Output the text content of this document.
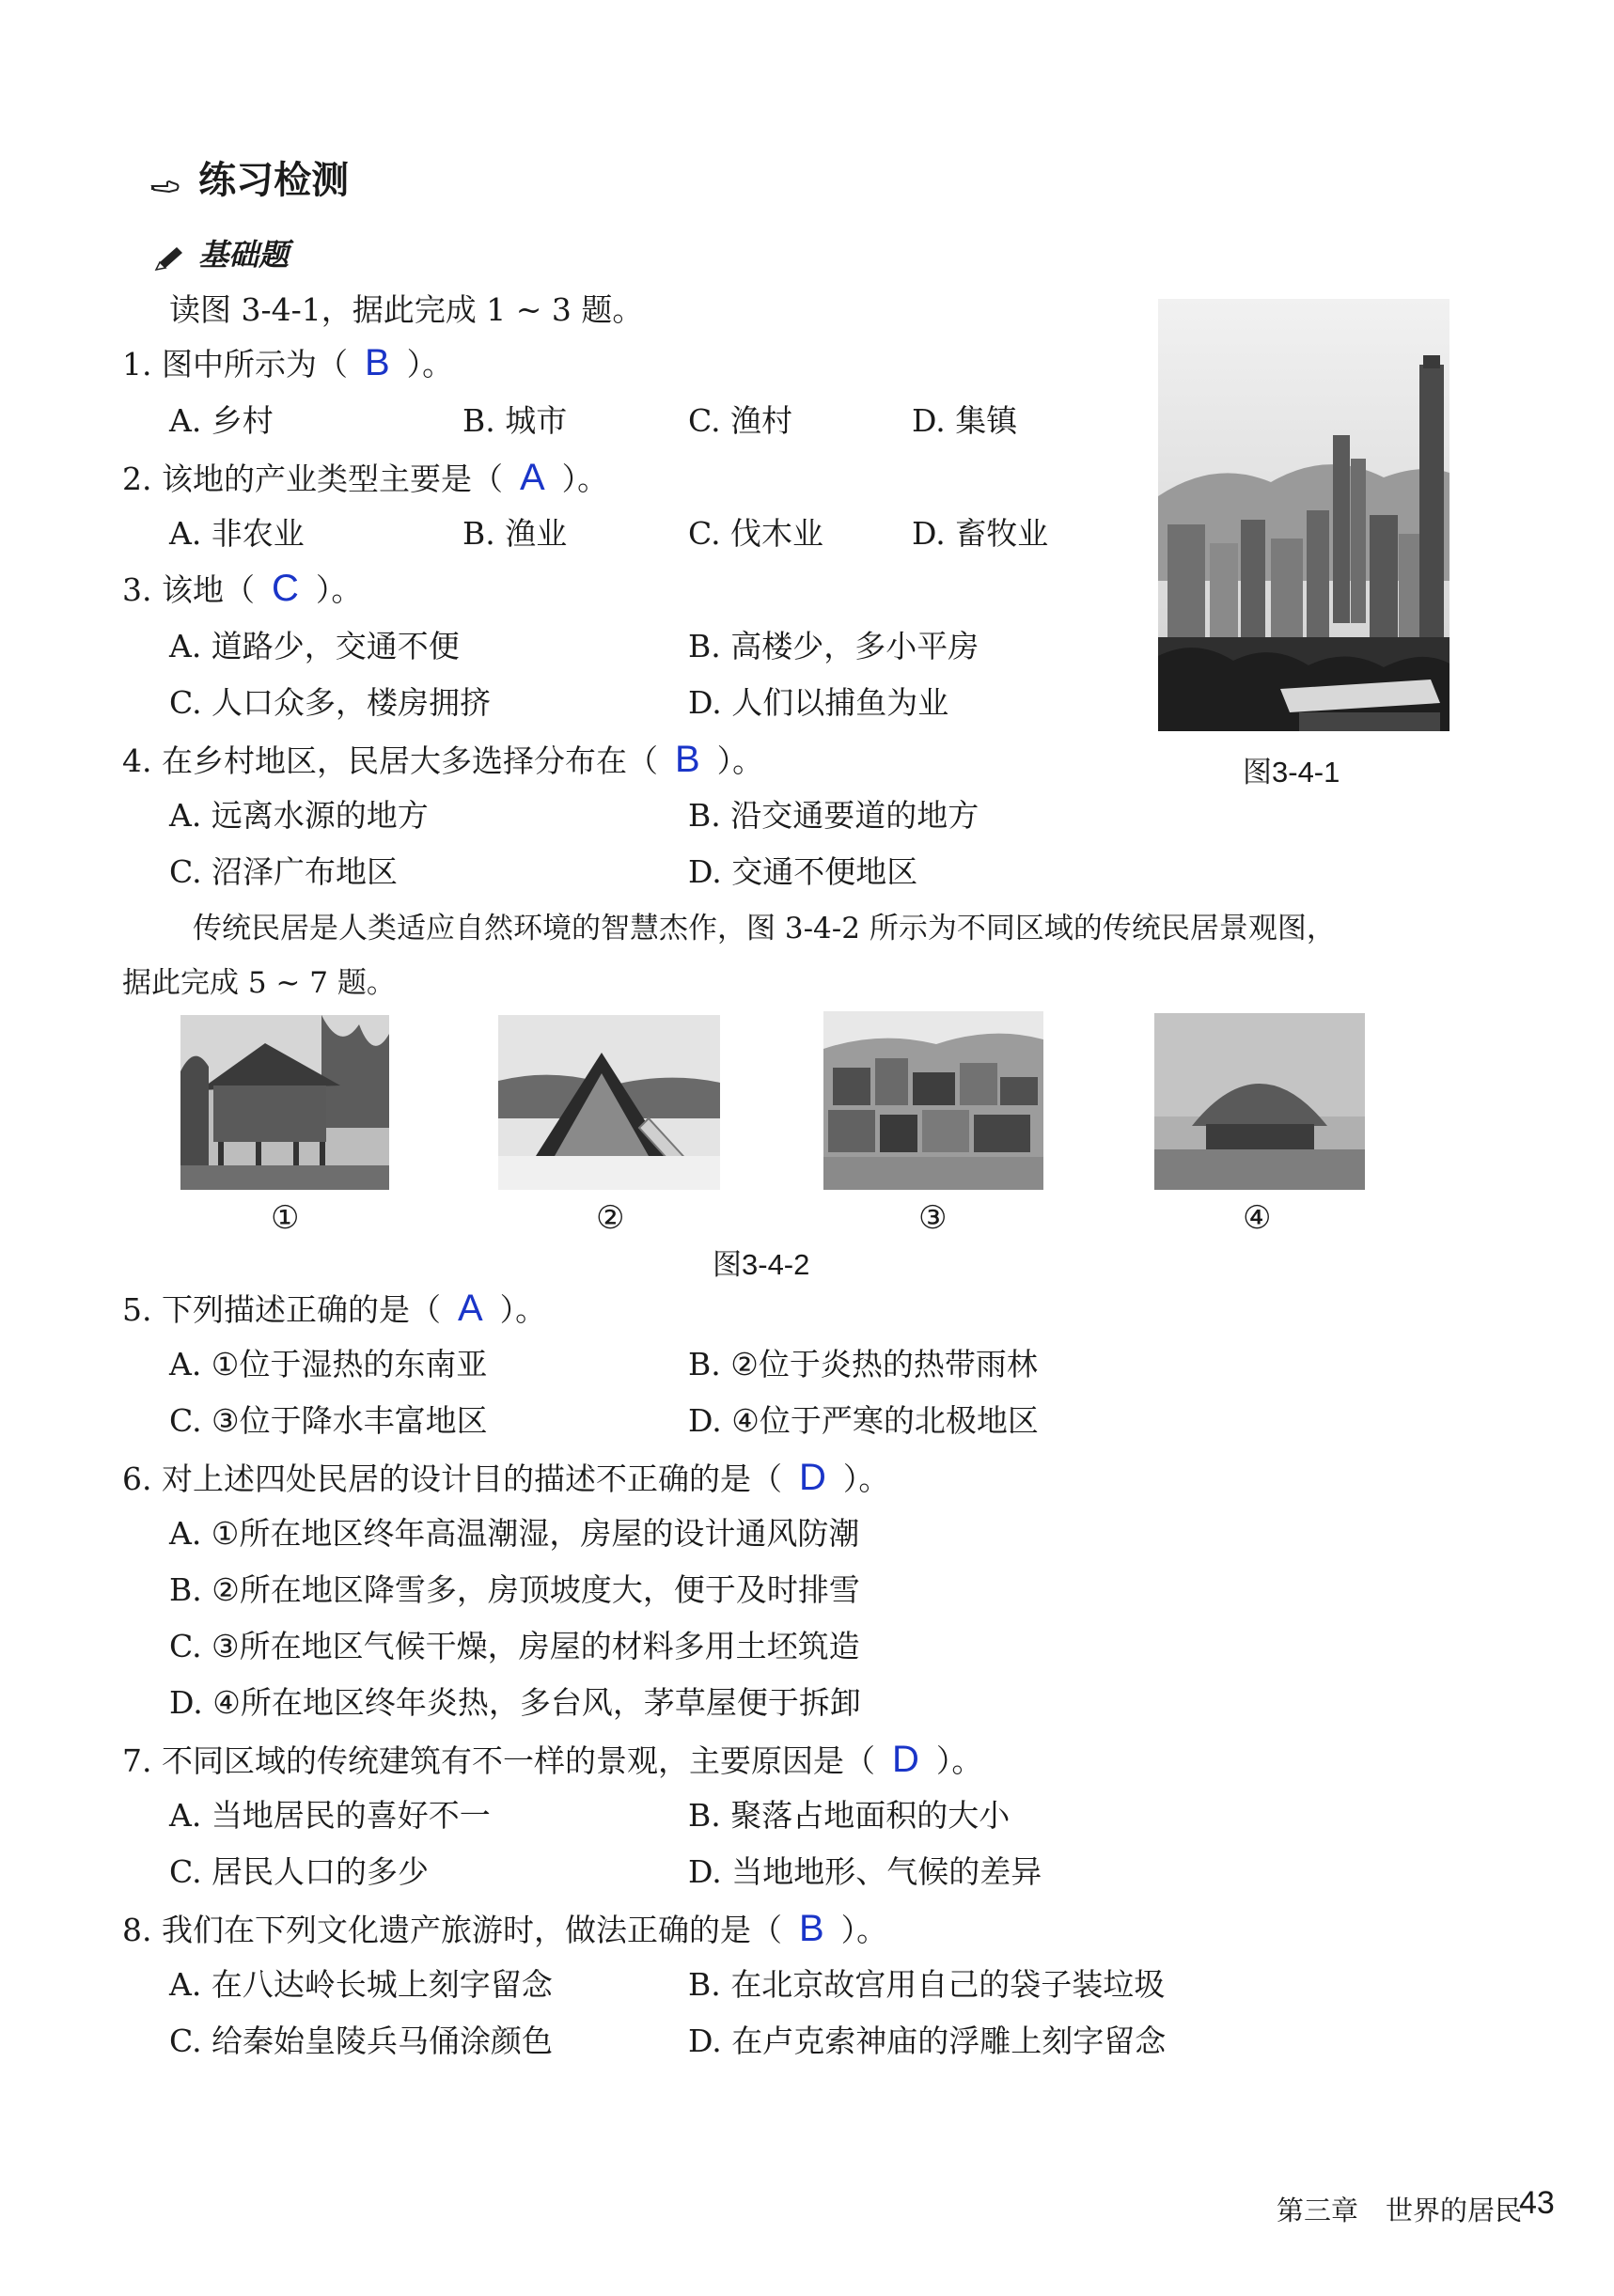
练习检测
基础题
读图 3-4-1，据此完成 1 ~ 3 题。
图3-4-1
1. 图中所示为（ B ）。
A. 乡村	B. 城市	C. 渔村	D. 集镇
2. 该地的产业类型主要是（ A ）。
A. 非农业	B. 渔业	C. 伐木业	D. 畜牧业
3. 该地（ C ）。
A. 道路少，交通不便	B. 高楼少，多小平房
C. 人口众多，楼房拥挤	D. 人们以捕鱼为业
4. 在乡村地区，民居大多选择分布在（ B ）。
A. 远离水源的地方	B. 沿交通要道的地方
C. 沼泽广布地区	D. 交通不便地区
传统民居是人类适应自然环境的智慧杰作，图 3-4-2 所示为不同区域的传统民居景观图，
据此完成 5 ~ 7 题。
①	②	③	④
图3-4-2
5. 下列描述正确的是（ A ）。
A. ①位于湿热的东南亚	B. ②位于炎热的热带雨林
C. ③位于降水丰富地区	D. ④位于严寒的北极地区
6. 对上述四处民居的设计目的描述不正确的是（ D ）。
A. ①所在地区终年高温潮湿，房屋的设计通风防潮
B. ②所在地区降雪多，房顶坡度大，便于及时排雪
C. ③所在地区气候干燥，房屋的材料多用土坯筑造
D. ④所在地区终年炎热，多台风，茅草屋便于拆卸
7. 不同区域的传统建筑有不一样的景观，主要原因是（ D ）。
A. 当地居民的喜好不一	B. 聚落占地面积的大小
C. 居民人口的多少	D. 当地地形、气候的差异
8. 我们在下列文化遗产旅游时，做法正确的是（ B ）。
A. 在八达岭长城上刻字留念	B. 在北京故宫用自己的袋子装垃圾
C. 给秦始皇陵兵马俑涂颜色	D. 在卢克索神庙的浮雕上刻字留念
第三章　世界的居民
43
